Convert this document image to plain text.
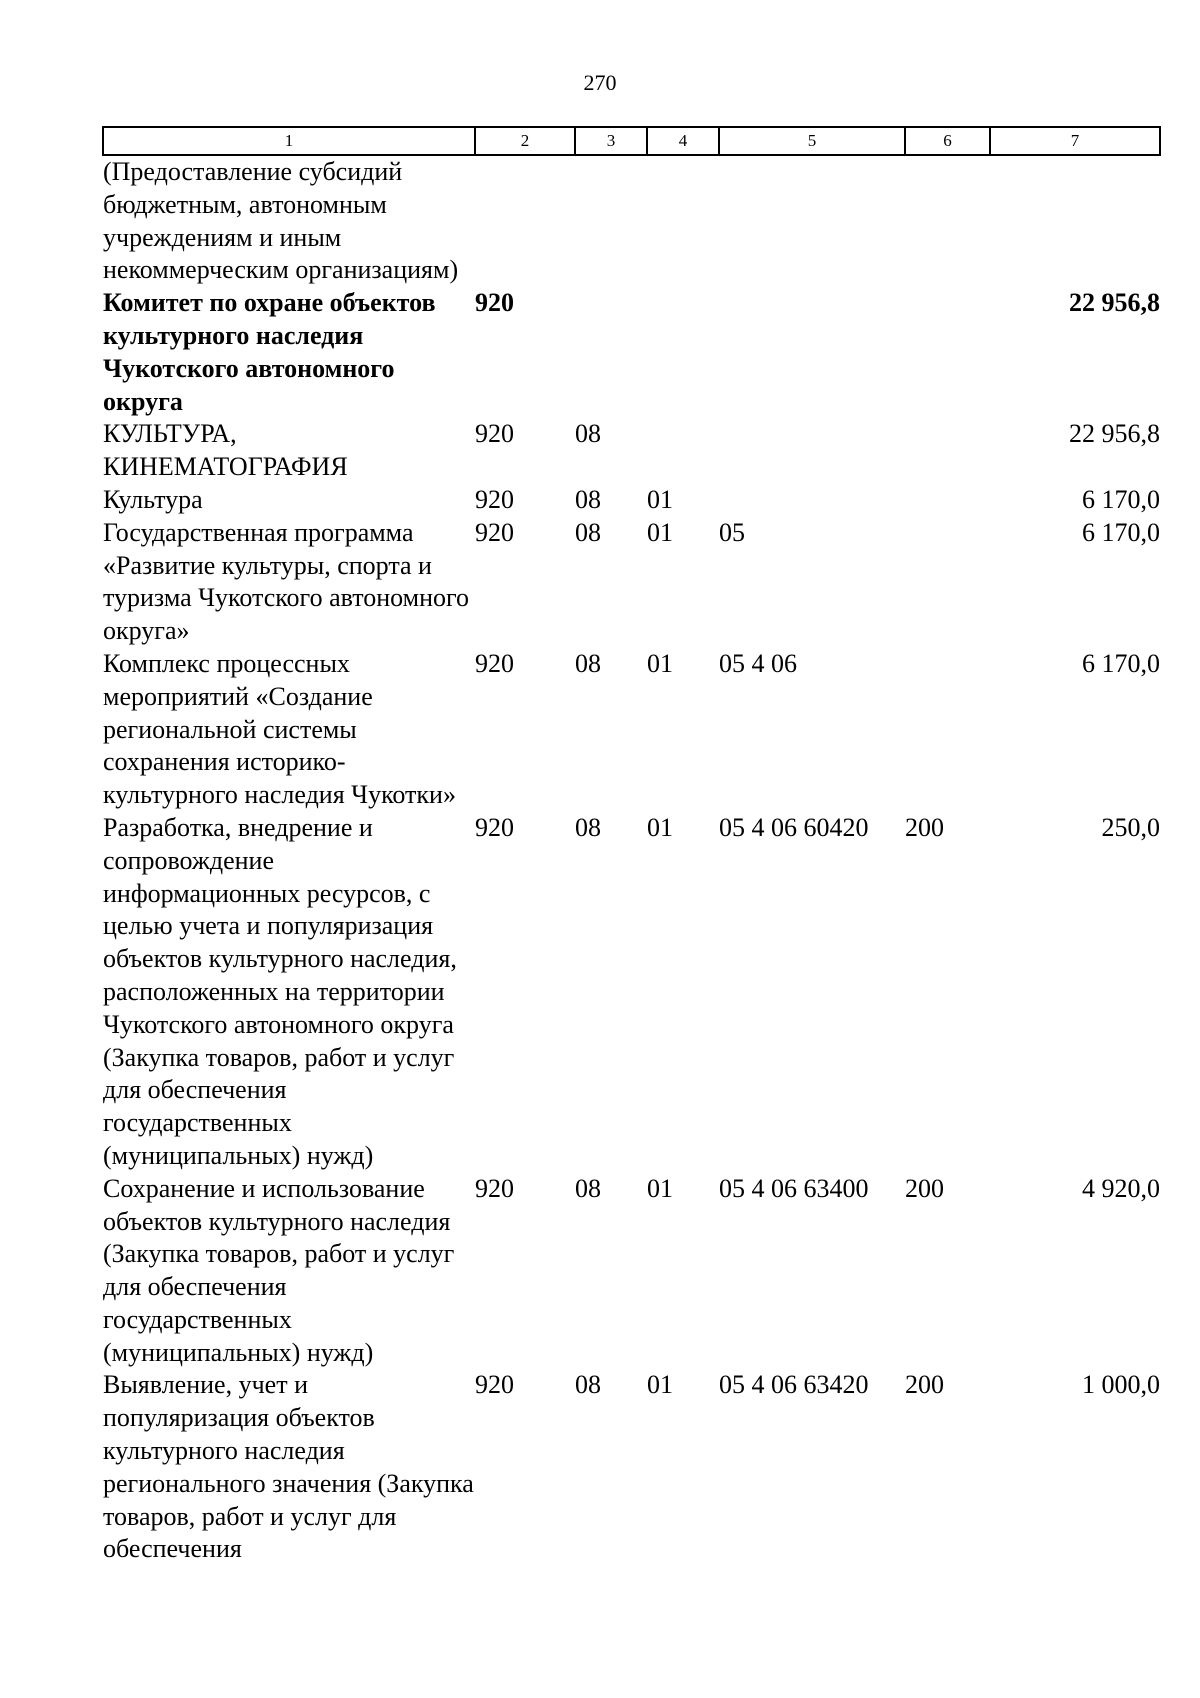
270
1	2	3	4	5	6	7
(Предоставление субсидий бюджетным, автономным учреждениям и иным некоммерческим организациям)						
Комитет по охране объектов культурного наследия Чукотского автономного округа	920					22 956,8
КУЛЬТУРА, КИНЕМАТОГРАФИЯ	920	08				22 956,8
Культура	920	08	01			6 170,0
Государственная программа «Развитие культуры, спорта и туризма Чукотского автономного округа»	920	08	01	05		6 170,0
Комплекс процессных мероприятий «Создание региональной системы сохранения историко-культурного наследия Чукотки»	920	08	01	05 4 06		6 170,0
Разработка, внедрение и сопровождение информационных ресурсов, с целью учета и популяризация объектов культурного наследия, расположенных на территории Чукотского автономного округа (Закупка товаров, работ и услуг для обеспечения государственных (муниципальных) нужд)	920	08	01	05 4 06 60420	200	250,0
Сохранение и использование объектов культурного наследия (Закупка товаров, работ и услуг для обеспечения государственных (муниципальных) нужд)	920	08	01	05 4 06 63400	200	4 920,0
Выявление, учет и популяризация объектов культурного наследия регионального значения (Закупка товаров, работ и услуг для обеспечения	920	08	01	05 4 06 63420	200	1 000,0
